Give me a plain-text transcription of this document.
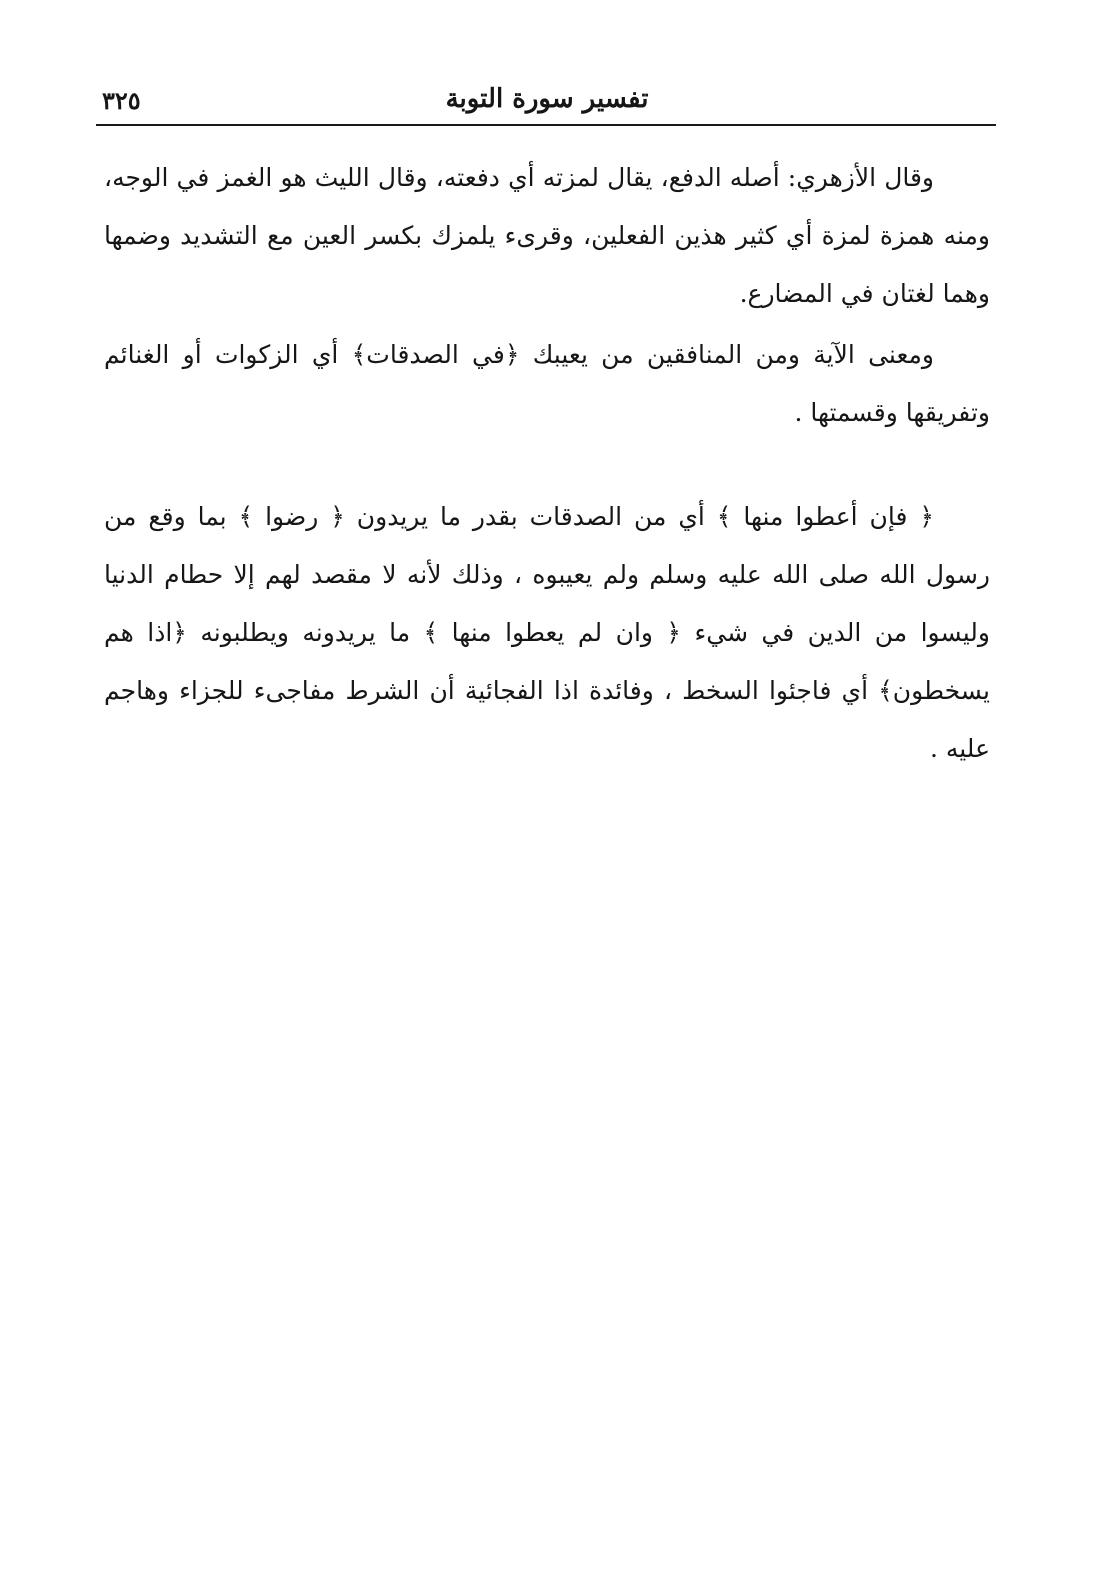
تفسير سورة التوبة
٣٢٥

وقال الأزهري: أصله الدفع، يقال لمزته أي دفعته، وقال الليث هو الغمز في الوجه، ومنه همزة لمزة أي كثير هذين الفعلين، وقرىء يلمزك بكسر العين مع التشديد وضمها وهما لغتان في المضارع.

ومعنى الآية ومن المنافقين من يعيبك ﴿في الصدقات﴾ أي الزكوات أو الغنائم وتفريقها وقسمتها .

﴿ فإن أعطوا منها ﴾ أي من الصدقات بقدر ما يريدون ﴿ رضوا ﴾ بما وقع من رسول الله صلى الله عليه وسلم ولم يعيبوه ، وذلك لأنه لا مقصد لهم إلا حطام الدنيا وليسوا من الدين في شيء ﴿ وان لم يعطوا منها ﴾ ما يريدونه ويطلبونه ﴿اذا هم يسخطون﴾ أي فاجئوا السخط ، وفائدة اذا الفجائية أن الشرط مفاجىء للجزاء وهاجم عليه .
